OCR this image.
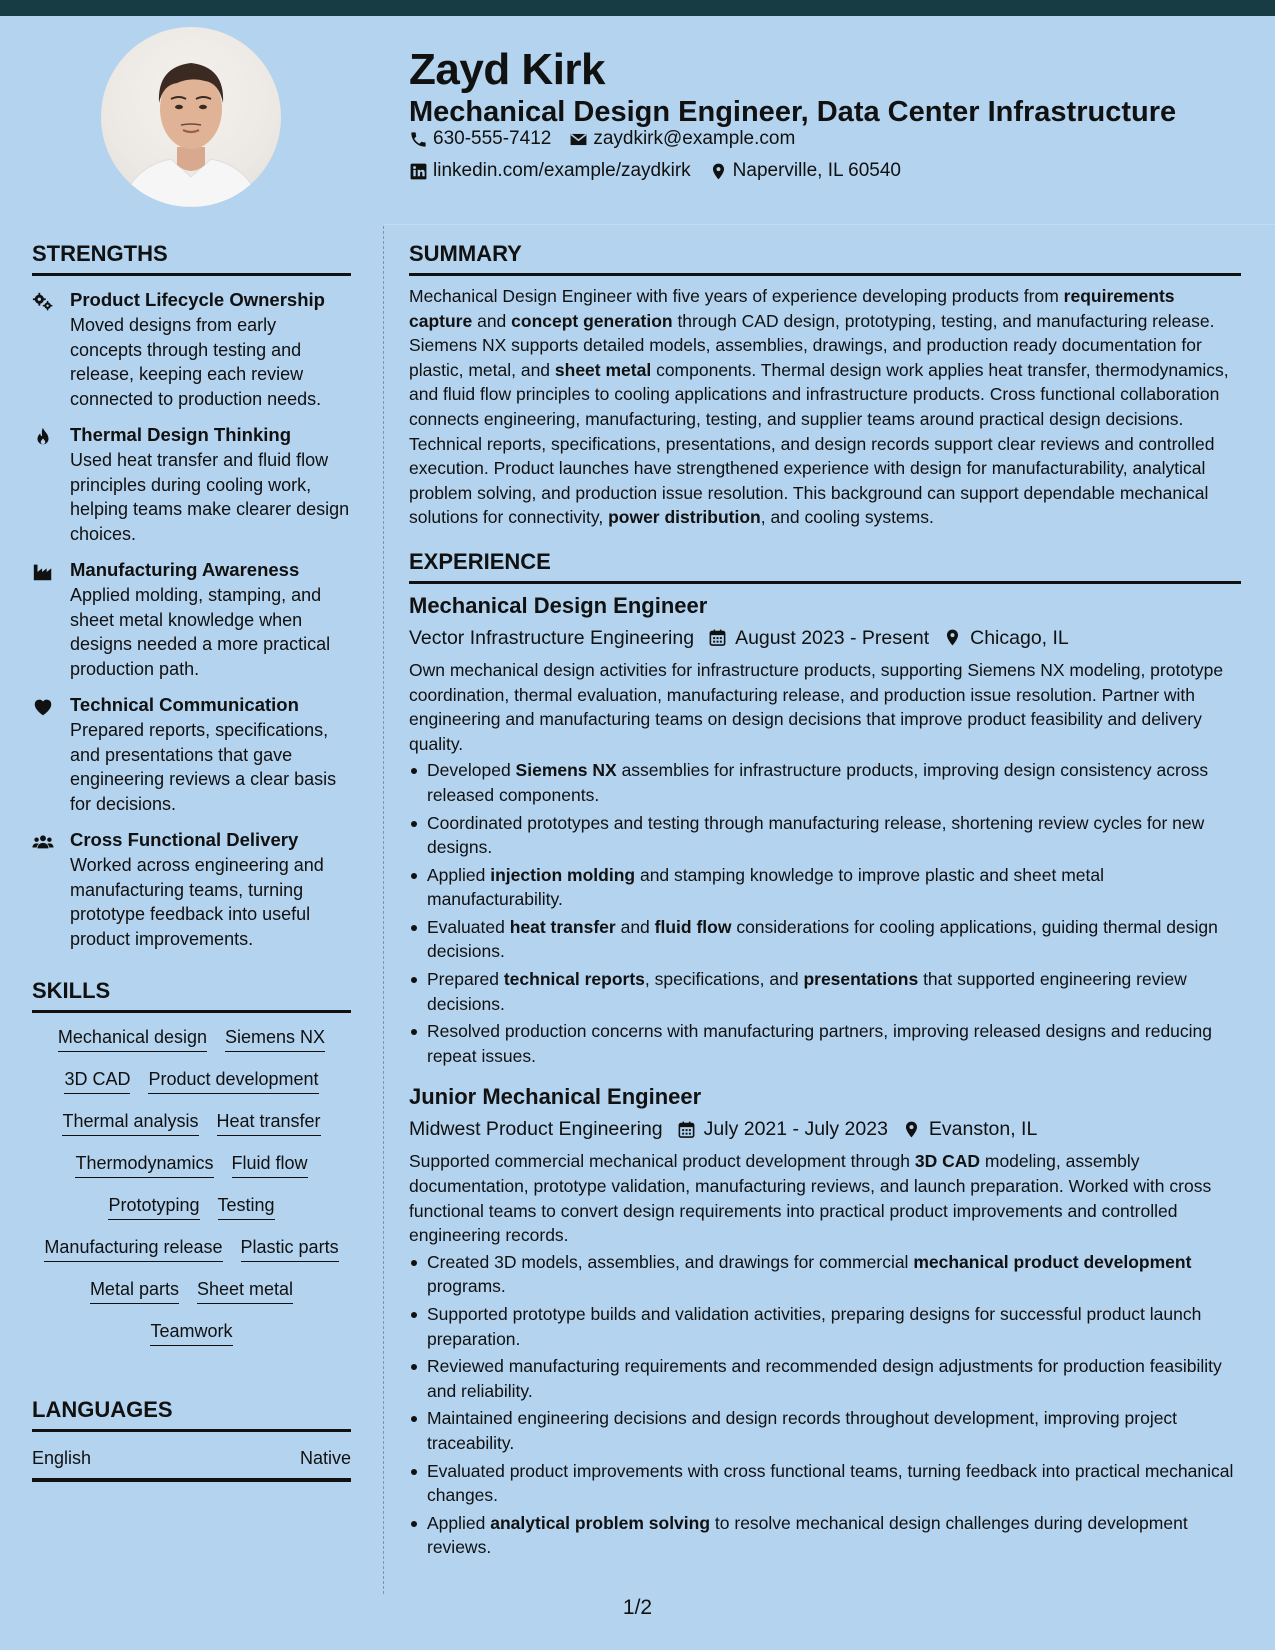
Zayd Kirk
Mechanical Design Engineer, Data Center Infrastructure
630-555-7412 zaydkirk@example.com
linkedin.com/example/zaydkirk Naperville, IL 60540
STRENGTHS
Product Lifecycle Ownership
Moved designs from early concepts through testing and release, keeping each review connected to production needs.
Thermal Design Thinking
Used heat transfer and fluid flow principles during cooling work, helping teams make clearer design choices.
Manufacturing Awareness
Applied molding, stamping, and sheet metal knowledge when designs needed a more practical production path.
Technical Communication
Prepared reports, specifications, and presentations that gave engineering reviews a clear basis for decisions.
Cross Functional Delivery
Worked across engineering and manufacturing teams, turning prototype feedback into useful product improvements.
SKILLS
Mechanical design Siemens NX
3D CAD Product development
Thermal analysis Heat transfer
Thermodynamics Fluid flow
Prototyping Testing
Manufacturing release Plastic parts
Metal parts Sheet metal
Teamwork
LANGUAGES
English	Native
SUMMARY

Mechanical Design Engineer with five years of experience developing products from requirements capture and concept generation through CAD design, prototyping, testing, and manufacturing release. Siemens NX supports detailed models, assemblies, drawings, and production ready documentation for plastic, metal, and sheet metal components. Thermal design work applies heat transfer, thermodynamics, and fluid flow principles to cooling applications and infrastructure products. Cross functional collaboration connects engineering, manufacturing, testing, and supplier teams around practical design decisions. Technical reports, specifications, presentations, and design records support clear reviews and controlled execution. Product launches have strengthened experience with design for manufacturability, analytical problem solving, and production issue resolution. This background can support dependable mechanical solutions for connectivity, power distribution, and cooling systems.

EXPERIENCE
Mechanical Design Engineer
Vector Infrastructure Engineering August 2023 - Present Chicago, IL

Own mechanical design activities for infrastructure products, supporting Siemens NX modeling, prototype coordination, thermal evaluation, manufacturing release, and production issue resolution. Partner with engineering and manufacturing teams on design decisions that improve product feasibility and delivery quality.

Developed Siemens NX assemblies for infrastructure products, improving design consistency across released components.
Coordinated prototypes and testing through manufacturing release, shortening review cycles for new designs.
Applied injection molding and stamping knowledge to improve plastic and sheet metal manufacturability.
Evaluated heat transfer and fluid flow considerations for cooling applications, guiding thermal design decisions.
Prepared technical reports, specifications, and presentations that supported engineering review decisions.
Resolved production concerns with manufacturing partners, improving released designs and reducing repeat issues.
Junior Mechanical Engineer
Midwest Product Engineering July 2021 - July 2023 Evanston, IL

Supported commercial mechanical product development through 3D CAD modeling, assembly documentation, prototype validation, manufacturing reviews, and launch preparation. Worked with cross functional teams to convert design requirements into practical product improvements and controlled engineering records.

Created 3D models, assemblies, and drawings for commercial mechanical product development programs.
Supported prototype builds and validation activities, preparing designs for successful product launch preparation.
Reviewed manufacturing requirements and recommended design adjustments for production feasibility and reliability.
Maintained engineering decisions and design records throughout development, improving project traceability.
Evaluated product improvements with cross functional teams, turning feedback into practical mechanical changes.
Applied analytical problem solving to resolve mechanical design challenges during development reviews.
1/2
